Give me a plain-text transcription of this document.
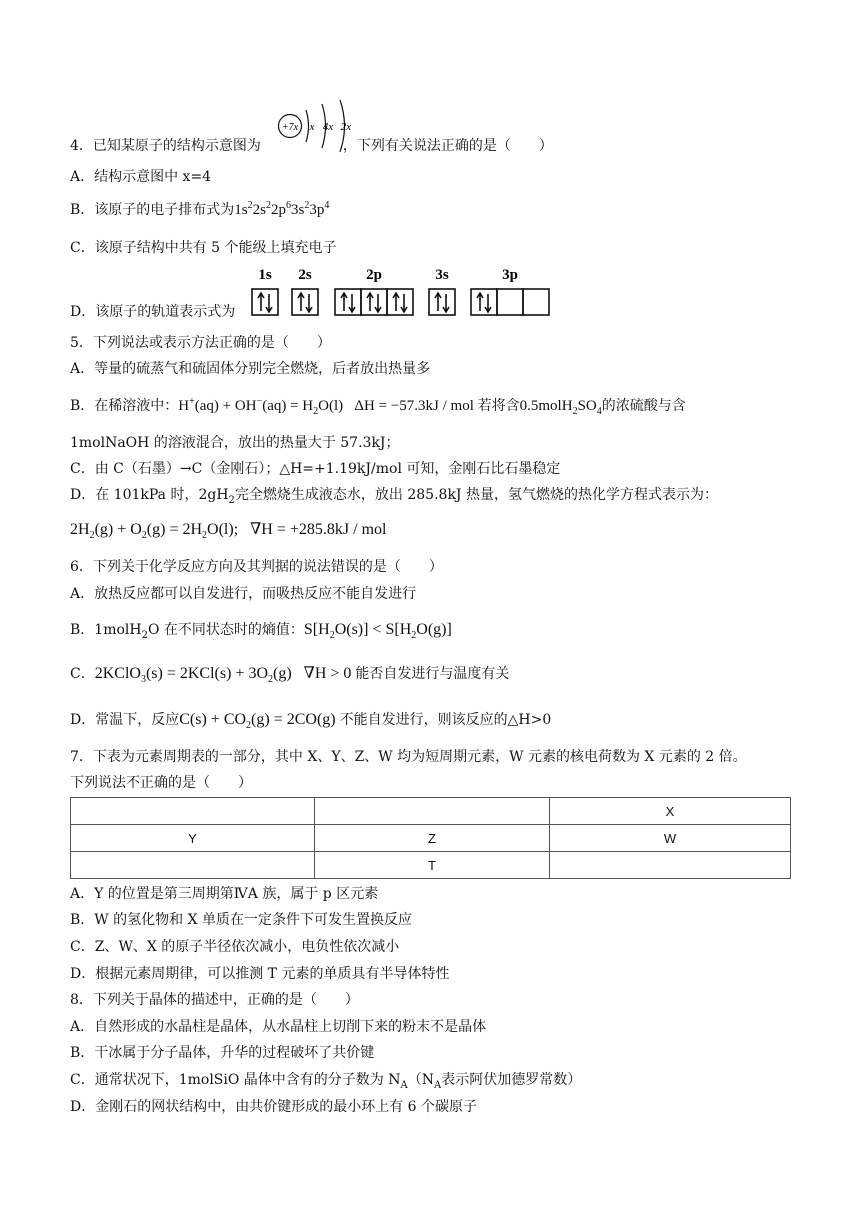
4．已知某原子的结构示意图为	，下列有关说法正确的是（　　）
+7x x 4x 2x
A．结构示意图中 x=4
B．该原子的电子排布式为$1s^22s^22p^63s^23p^4$
C．该原子结构中共有 5 个能级上填充电子
D．该原子的轨道表示式为
1s 2s	2p	3s	3p
5．下列说法或表示方法正确的是（　　）
A．等量的硫蒸气和硫固体分别完全燃烧，后者放出热量多
B．在稀溶液中：$H^+(aq) + OH^-(aq) = H_2O(l) \Delta H = -57.3kJ$ / mol 若将含$0.5molH_2SO_4$的浓硫酸与含
1molNaOH 的溶液混合，放出的热量大于 57.3kJ；
C．由 C（石墨）→C（金刚石）；△H=+1.19kJ/mol 可知，金刚石比石墨稳定
D．在 101kPa 时，$2gH_2$完全燃烧生成液态水，放出 285.8kJ 热量，氢气燃烧的热化学方程式表示为：
$2H_2(g) + O_2(g) = 2H_2O(l)$;   ∇H = +285.8kJ / mol
6．下列关于化学反应方向及其判据的说法错误的是（　　）
A．放热反应都可以自发进行，而吸热反应不能自发进行
B．1molH$_2$O 在不同状态时的熵值：$S[H_2O(s)] < S[H_2O(g)]$
C．2KClO$_3$(s) = $2KCl(s) + 3O_2(g) \nabla H > 0$ 能否自发进行与温度有关
D．常温下，反应$C(s) + CO_2(g) = 2CO(g)$ 不能自发进行，则该反应的△H>0
7．下表为元素周期表的一部分，其中 X、Y、Z、W 均为短周期元素，W 元素的核电荷数为 X 元素的 2 倍。
下列说法不正确的是（　　）
		X
Y	Z	W
	T	
A．Y 的位置是第三周期第ⅣA 族，属于 p 区元素
B．W 的氢化物和 X 单质在一定条件下可发生置换反应
C．Z、W、X 的原子半径依次减小，电负性依次减小
D．根据元素周期律，可以推测 T 元素的单质具有半导体特性
8．下列关于晶体的描述中，正确的是（　　）
A．自然形成的水晶柱是晶体，从水晶柱上切削下来的粉末不是晶体
B．干冰属于分子晶体，升华的过程破坏了共价键
C．通常状况下，1molSiO 晶体中含有的分子数为 $N_A(N_A$表示阿伏加德罗常数）
D．金刚石的网状结构中，由共价键形成的最小环上有 6 个碳原子
